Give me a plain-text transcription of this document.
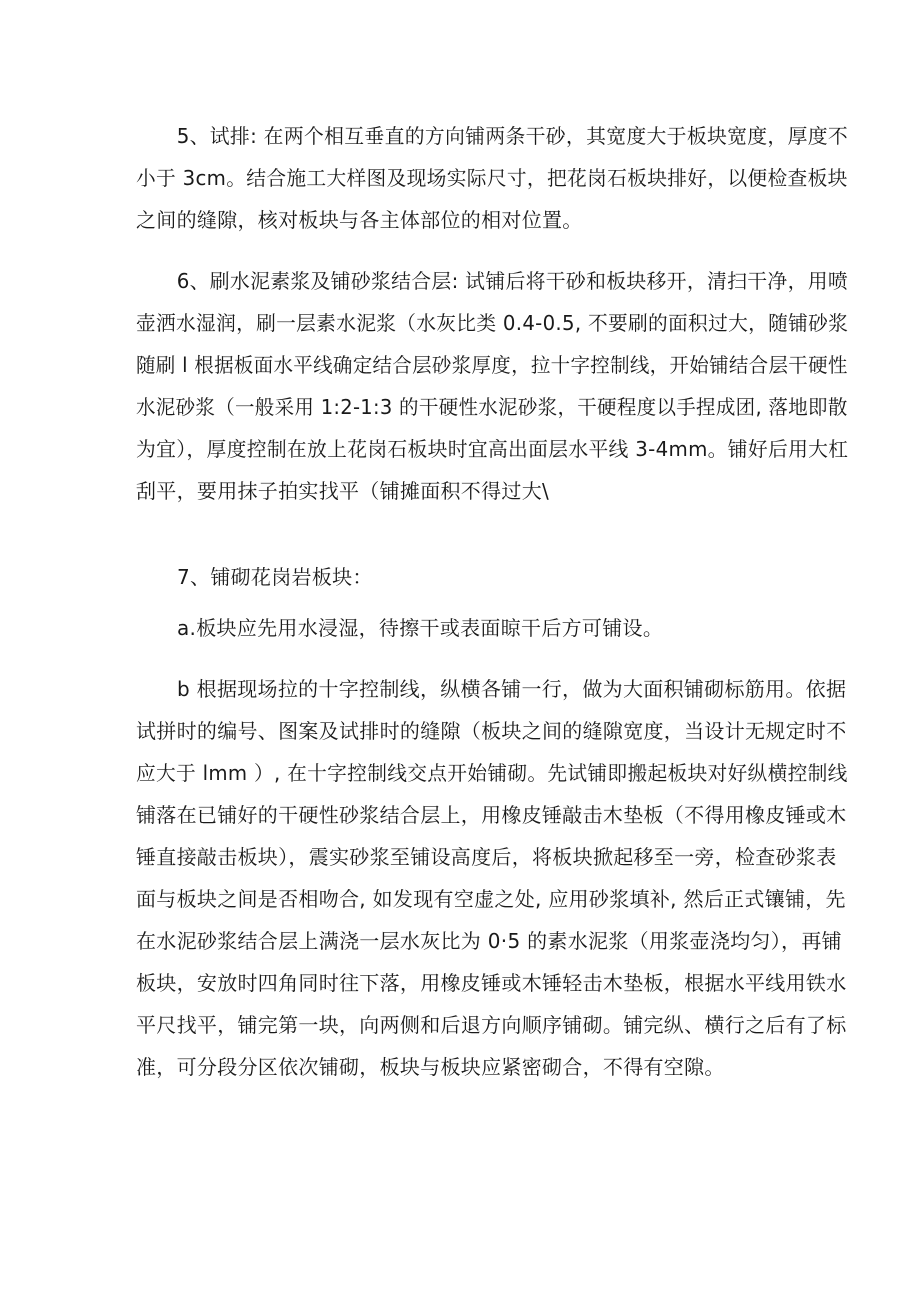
5、试排: 在两个相互垂直的方向铺两条干砂，其宽度大于板块宽度，厚度不
小于 3cm。结合施工大样图及现场实际尺寸，把花岗石板块排好，以便检查板块
之间的缝隙，核对板块与各主体部位的相对位置。
6、刷水泥素浆及铺砂浆结合层: 试铺后将干砂和板块移开，清扫干净，用喷
壶洒水湿润，刷一层素水泥浆（水灰比类 0.4-0.5, 不要刷的面积过大，随铺砂浆
随刷 l 根据板面水平线确定结合层砂浆厚度，拉十字控制线，开始铺结合层干硬性
水泥砂浆（一般采用 1:2-1:3 的干硬性水泥砂浆，干硬程度以手捏成团, 落地即散
为宜），厚度控制在放上花岗石板块时宜高出面层水平线 3-4mm。铺好后用大杠
刮平，要用抹子拍实找平（铺摊面积不得过大\

7、铺砌花岗岩板块：

a.板块应先用水浸湿，待擦干或表面晾干后方可铺设。

b 根据现场拉的十字控制线，纵横各铺一行，做为大面积铺砌标筋用。依据
试拼时的编号、图案及试排时的缝隙（板块之间的缝隙宽度，当设计无规定时不
应大于 lmm ）, 在十字控制线交点开始铺砌。先试铺即搬起板块对好纵横控制线
铺落在已铺好的干硬性砂浆结合层上，用橡皮锤敲击木垫板（不得用橡皮锤或木
锤直接敲击板块），震实砂浆至铺设高度后，将板块掀起移至一旁，检查砂浆表
面与板块之间是否相吻合, 如发现有空虚之处, 应用砂浆填补, 然后正式镶铺，先
在水泥砂浆结合层上满浇一层水灰比为 0·5 的素水泥浆（用浆壶浇均匀），再铺
板块，安放时四角同时往下落，用橡皮锤或木锤轻击木垫板，根据水平线用铁水
平尺找平，铺完第一块，向两侧和后退方向顺序铺砌。铺完纵、横行之后有了标
准，可分段分区依次铺砌，板块与板块应紧密砌合，不得有空隙。
